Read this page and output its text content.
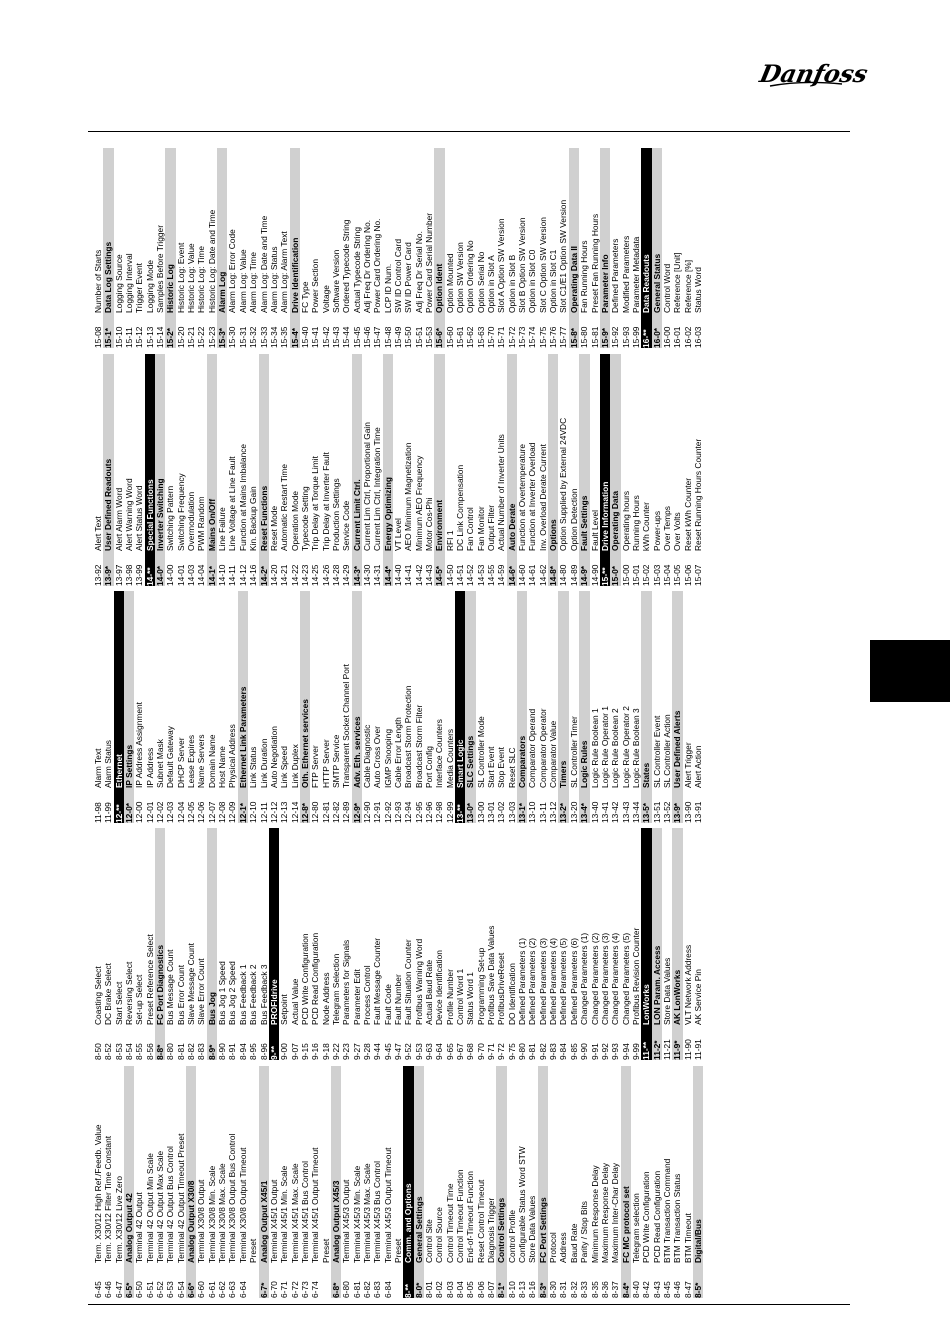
Danfoss
6-45
Term. X30/12 High Ref./Feedb. Value
6-46
Term. X30/12 Filter Time Constant
6-47
Term. X30/12 Live Zero
6-5*
Analog Output 42
6-50
Terminal 42 Output
6-51
Terminal 42 Output Min Scale
6-52
Terminal 42 Output Max Scale
6-53
Terminal 42 Output Bus Control
6-54
Terminal 42 Output Timeout Preset
6-6*
Analog Output X30/8
6-60
Terminal X30/8 Output
6-61
Terminal X30/8 Min. Scale
6-62
Terminal X30/8 Max. Scale
6-63
Terminal X30/8 Output Bus Control
6-64
Terminal X30/8 Output Timeout Preset
6-7*
Analog Output X45/1
6-70
Terminal X45/1 Output
6-71
Terminal X45/1 Min. Scale
6-72
Terminal X45/1 Max. Scale
6-73
Terminal X45/1 Bus Control
6-74
Terminal X45/1 Output Timeout Preset
6-8*
Analog Output X45/3
6-80
Terminal X45/3 Output
6-81
Terminal X45/3 Min. Scale
6-82
Terminal X45/3 Max. Scale
6-83
Terminal X45/3 Bus Control
6-84
Terminal X45/3 Output Timeout Preset
8-**
Comm. and Options
8-0*
General Settings
8-01
Control Site
8-02
Control Source
8-03
Control Timeout Time
8-04
Control Timeout Function
8-05
End-of-Timeout Function
8-06
Reset Control Timeout
8-07
Diagnosis Trigger
8-1*
Control Settings
8-10
Control Profile
8-13
Configurable Status Word STW
8-16
Store Data Values
8-3*
FC Port Settings
8-30
Protocol
8-31
Address
8-32
Baud Rate
8-33
Parity / Stop Bits
8-35
Minimum Response Delay
8-36
Maximum Response Delay
8-37
Maximum Inter-Char Delay
8-4*
FC MC protocol set
8-40
Telegram selection
8-42
PCD Write Configuration
8-43
PCD Read Configuration
8-45
BTM Transaction Command
8-46
BTM Transaction Status
8-47
BTM Timeout
8-5*
Digital/Bus
8-50
Coasting Select
8-52
DC Brake Select
8-53
Start Select
8-54
Reversing Select
8-55
Set-up Select
8-56
Preset Reference Select
8-8*
FC Port Diagnostics
8-80
Bus Message Count
8-81
Bus Error Count
8-82
Slave Message Count
8-83
Slave Error Count
8-9*
Bus Jog
8-90
Bus Jog 1 Speed
8-91
Bus Jog 2 Speed
8-94
Bus Feedback 1
8-95
Bus Feedback 2
8-96
Bus Feedback 3
9-**
PROFIdrive
9-00
Setpoint
9-07
Actual Value
9-15
PCD Write Configuration
9-16
PCD Read Configuration
9-18
Node Address
9-22
Telegram Selection
9-23
Parameters for Signals
9-27
Parameter Edit
9-28
Process Control
9-44
Fault Message Counter
9-45
Fault Code
9-47
Fault Number
9-52
Fault Situation Counter
9-53
Profibus Warning Word
9-63
Actual Baud Rate
9-64
Device Identification
9-65
Profile Number
9-67
Control Word 1
9-68
Status Word 1
9-70
Programming Set-up
9-71
Profibus Save Data Values
9-72
ProfibusDriveReset
9-75
DO Identification
9-80
Defined Parameters (1)
9-81
Defined Parameters (2)
9-82
Defined Parameters (3)
9-83
Defined Parameters (4)
9-84
Defined Parameters (5)
9-85
Defined Parameters (6)
9-90
Changed Parameters (1)
9-91
Changed Parameters (2)
9-92
Changed Parameters (3)
9-93
Changed Parameters (4)
9-94
Changed Parameters (5)
9-99
Profibus Revision Counter
11-**
LonWorks
11-2*
LON Param. Access
11-21
Store Data Values
11-9*
AK LonWorks
11-90
VLT Network Address
11-91
AK Service Pin
11-98
Alarm Text
11-99
Alarm Status
12-**
Ethernet
12-0*
IP Settings
12-00
IP Address Assignment
12-01
IP Address
12-02
Subnet Mask
12-03
Default Gateway
12-04
DHCP Server
12-05
Lease Expires
12-06
Name Servers
12-07
Domain Name
12-08
Host Name
12-09
Physical Address
12-1*
Ethernet Link Parameters
12-10
Link Status
12-11
Link Duration
12-12
Auto Negotiation
12-13
Link Speed
12-14
Link Duplex
12-8*
Oth. Ethernet services
12-80
FTP Server
12-81
HTTP Server
12-82
SMTP Service
12-89
Transparent Socket Channel Port
12-9*
Adv. Eth. services
12-90
Cable Diagnostic
12-91
Auto Cross Over
12-92
IGMP Snooping
12-93
Cable Error Length
12-94
Broadcast Storm Protection
12-95
Broadcast Storm Filter
12-96
Port Config
12-98
Interface Counters
12-99
Media Counters
13-**
Smart Logic
13-0*
SLC Settings
13-00
SL Controller Mode
13-01
Start Event
13-02
Stop Event
13-03
Reset SLC
13-1*
Comparators
13-10
Comparator Operand
13-11
Comparator Operator
13-12
Comparator Value
13-2*
Timers
13-20
SL Controller Timer
13-4*
Logic Rules
13-40
Logic Rule Boolean 1
13-41
Logic Rule Operator 1
13-42
Logic Rule Boolean 2
13-43
Logic Rule Operator 2
13-44
Logic Rule Boolean 3
13-5*
States
13-51
SL Controller Event
13-52
SL Controller Action
13-9*
User Defined Alerts
13-90
Alert Trigger
13-91
Alert Action
13-92
Alert Text
13-9*
User Defined Readouts
13-97
Alert Alarm Word
13-98
Alert Warning Word
13-99
Alert Status Word
14-**
Special Functions
14-0*
Inverter Switching
14-00
Switching Pattern
14-01
Switching Frequency
14-03
Overmodulation
14-04
PWM Random
14-1*
Mains On/Off
14-10
Line Failure
14-11
Line Voltage at Line Fault
14-12
Function at Mains Imbalance
14-16
Kin. Backup Gain
14-2*
Reset Functions
14-20
Reset Mode
14-21
Automatic Restart Time
14-22
Operation Mode
14-23
Typecode Setting
14-25
Trip Delay at Torque Limit
14-26
Trip Delay at Inverter Fault
14-28
Production Settings
14-29
Service Code
14-3*
Current Limit Ctrl.
14-30
Current Lim Ctrl, Proportional Gain
14-31
Current Lim Ctrl, Integration Time
14-4*
Energy Optimizing
14-40
VT Level
14-41
AEO Minimum Magnetization
14-42
Minimum AEO Frequency
14-43
Motor Cos-Phi
14-5*
Environment
14-50
RFI 1
14-51
DC Link Compensation
14-52
Fan Control
14-53
Fan Monitor
14-55
Output Filter
14-59
Actual Number of Inverter Units
14-6*
Auto Derate
14-60
Function at Overtemperature
14-61
Function at Inverter Overload
14-62
Inv. Overload Derate Current
14-8*
Options
14-80
Option Supplied by External 24VDC
14-89
Option Detection
14-9*
Fault Settings
14-90
Fault Level
15-**
Drive Information
15-0*
Operating Data
15-00
Operating hours
15-01
Running Hours
15-02
kWh Counter
15-03
Power-ups
15-04
Over Temps
15-05
Over Volts
15-06
Reset kWh Counter
15-07
Reset Running Hours Counter
15-08
Number of Starts
15-1*
Data Log Settings
15-10
Logging Source
15-11
Logging Interval
15-12
Trigger Event
15-13
Logging Mode
15-14
Samples Before Trigger
15-2*
Historic Log
15-20
Historic Log: Event
15-21
Historic Log: Value
15-22
Historic Log: Time
15-23
Historic Log: Date and Time
15-3*
Alarm Log
15-30
Alarm Log: Error Code
15-31
Alarm Log: Value
15-32
Alarm Log: Time
15-33
Alarm Log: Date and Time
15-34
Alarm Log: Status
15-35
Alarm Log: Alarm Text
15-4*
Drive Identification
15-40
FC Type
15-41
Power Section
15-42
Voltage
15-43
Software Version
15-44
Ordered Typecode String
15-45
Actual Typecode String
15-46
Adj Freq Dr Ordering No.
15-47
Power Card Ordering No.
15-48
LCP ID Num.
15-49
SW ID Control Card
15-50
SW ID Power Card
15-51
Adj Freq Dr Serial No.
15-53
Power Card Serial Number
15-6*
Option Ident
15-60
Option Mounted
15-61
Option SW Version
15-62
Option Ordering No
15-63
Option Serial No
15-70
Option in Slot A
15-71
Slot A Option SW Version
15-72
Option in Slot B
15-73
Slot B Option SW Version
15-74
Option in Slot C0
15-75
Slot C Option SW Version
15-76
Option in Slot C1
15-77
Slot C1/E1 Option SW Version
15-8*
Operating Data II
15-80
Fan Running Hours
15-81
Preset Fan Running Hours
15-9*
Parameter Info
15-92
Defined Parameters
15-93
Modified Parameters
15-99
Parameter Metadata
16-**
Data Readouts
16-0*
General Status
16-00
Control Word
16-01
Reference [Unit]
16-02
Reference [%]
16-03
Status Word
